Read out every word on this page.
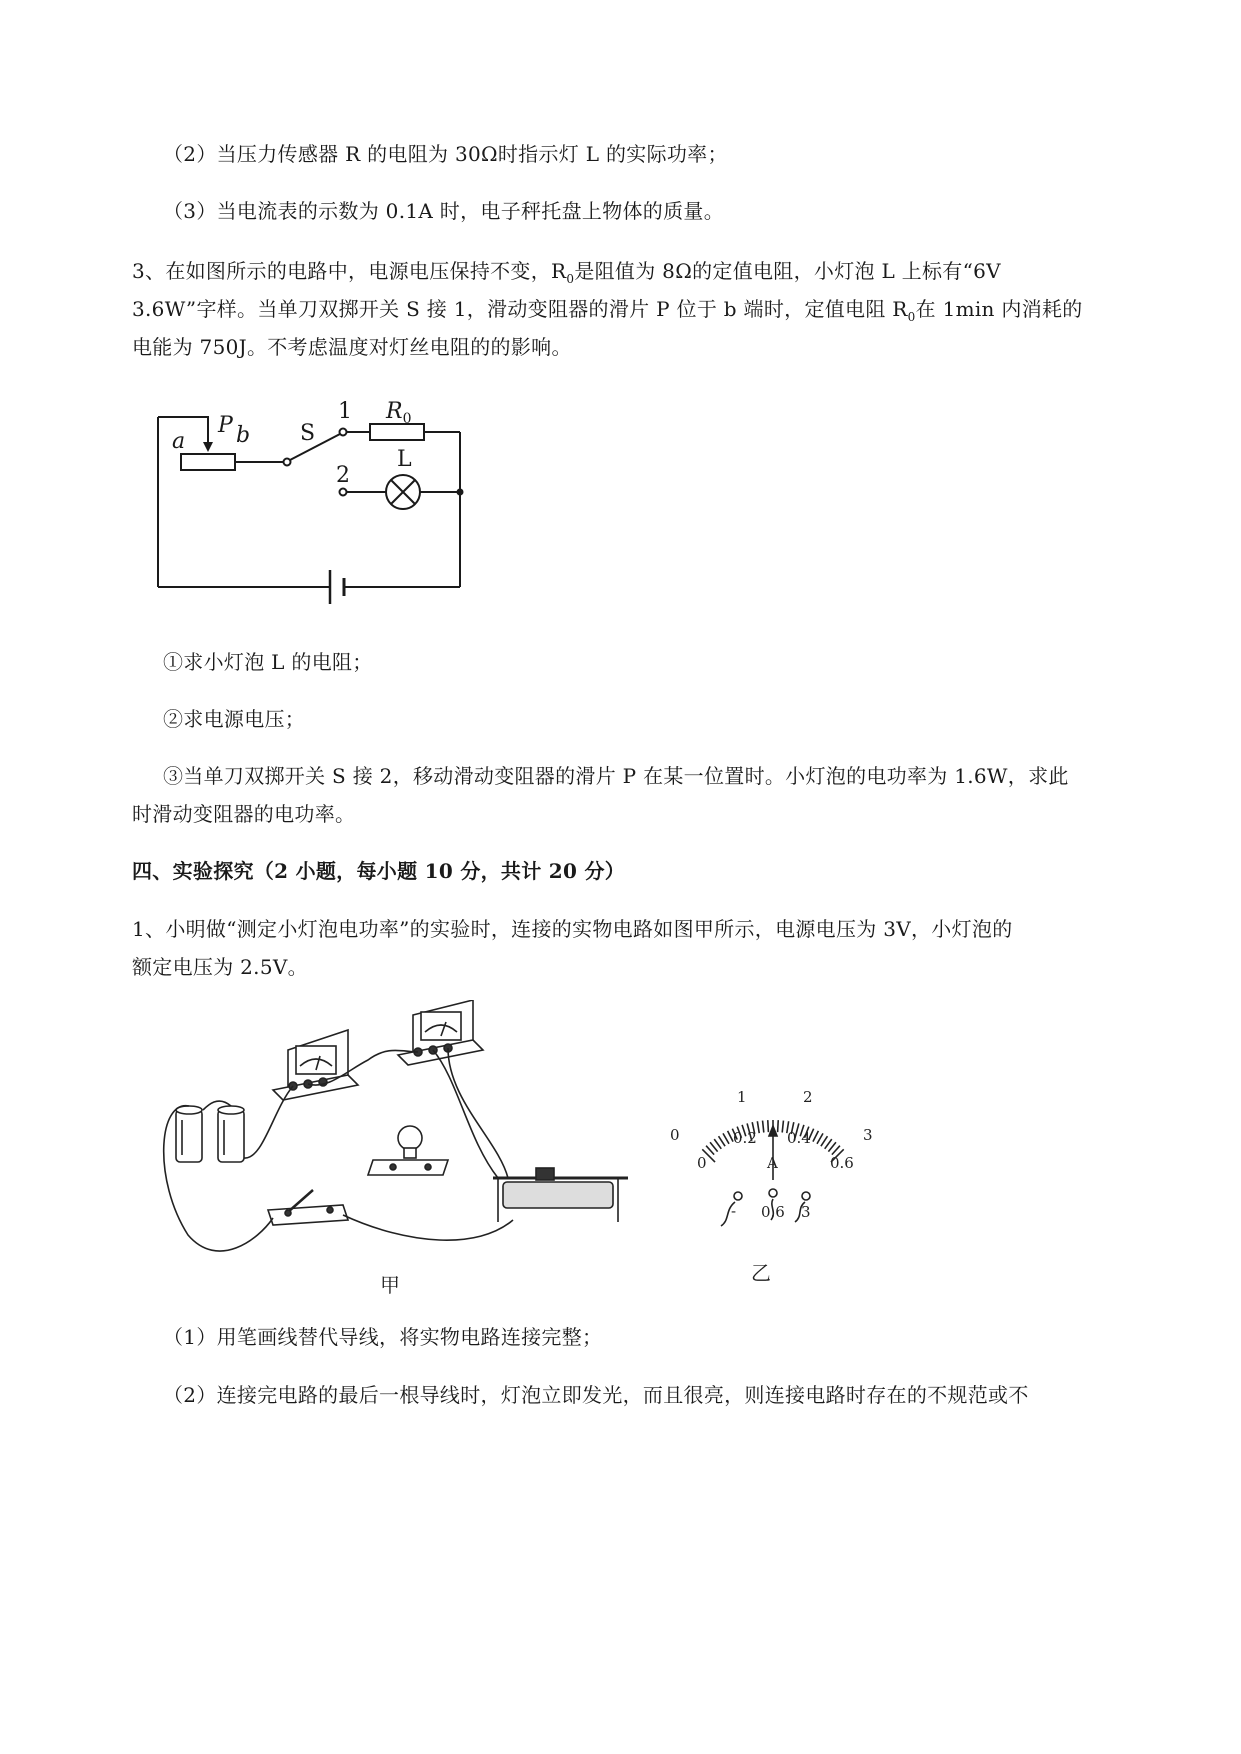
（2）当压力传感器 R 的电阻为 30Ω时指示灯 L 的实际功率；
（3）当电流表的示数为 0.1A 时，电子秤托盘上物体的质量。
3、在如图所示的电路中，电源电压保持不变，$R_0$是阻值为 8Ω的定值电阻，小灯泡 L 上标有“6V
3.6W”字样。当单刀双掷开关 S 接 1，滑动变阻器的滑片 P 位于 b 端时，定值电阻 $R_0$在 1min 内消耗的
电能为 750J。不考虑温度对灯丝电阻的的影响。
a
P b
$R_0$
S
1
2
L
①求小灯泡 L 的电阻；
②求电源电压；
③当单刀双掷开关 S 接 2，移动滑动变阻器的滑片 P 在某一位置时。小灯泡的电功率为 1.6W，求此
时滑动变阻器的电功率。
四、实验探究（2 小题，每小题 10 分，共计 20 分）
1、小明做“测定小灯泡电功率”的实验时，连接的实物电路如图甲所示，电源电压为 3V，小灯泡的
额定电压为 2.5V。
甲
0
1	2
3
0
0.2 0.4
0.6
A
- 0.6 3
乙
（1）用笔画线替代导线，将实物电路连接完整；
（2）连接完电路的最后一根导线时，灯泡立即发光，而且很亮，则连接电路时存在的不规范或不
